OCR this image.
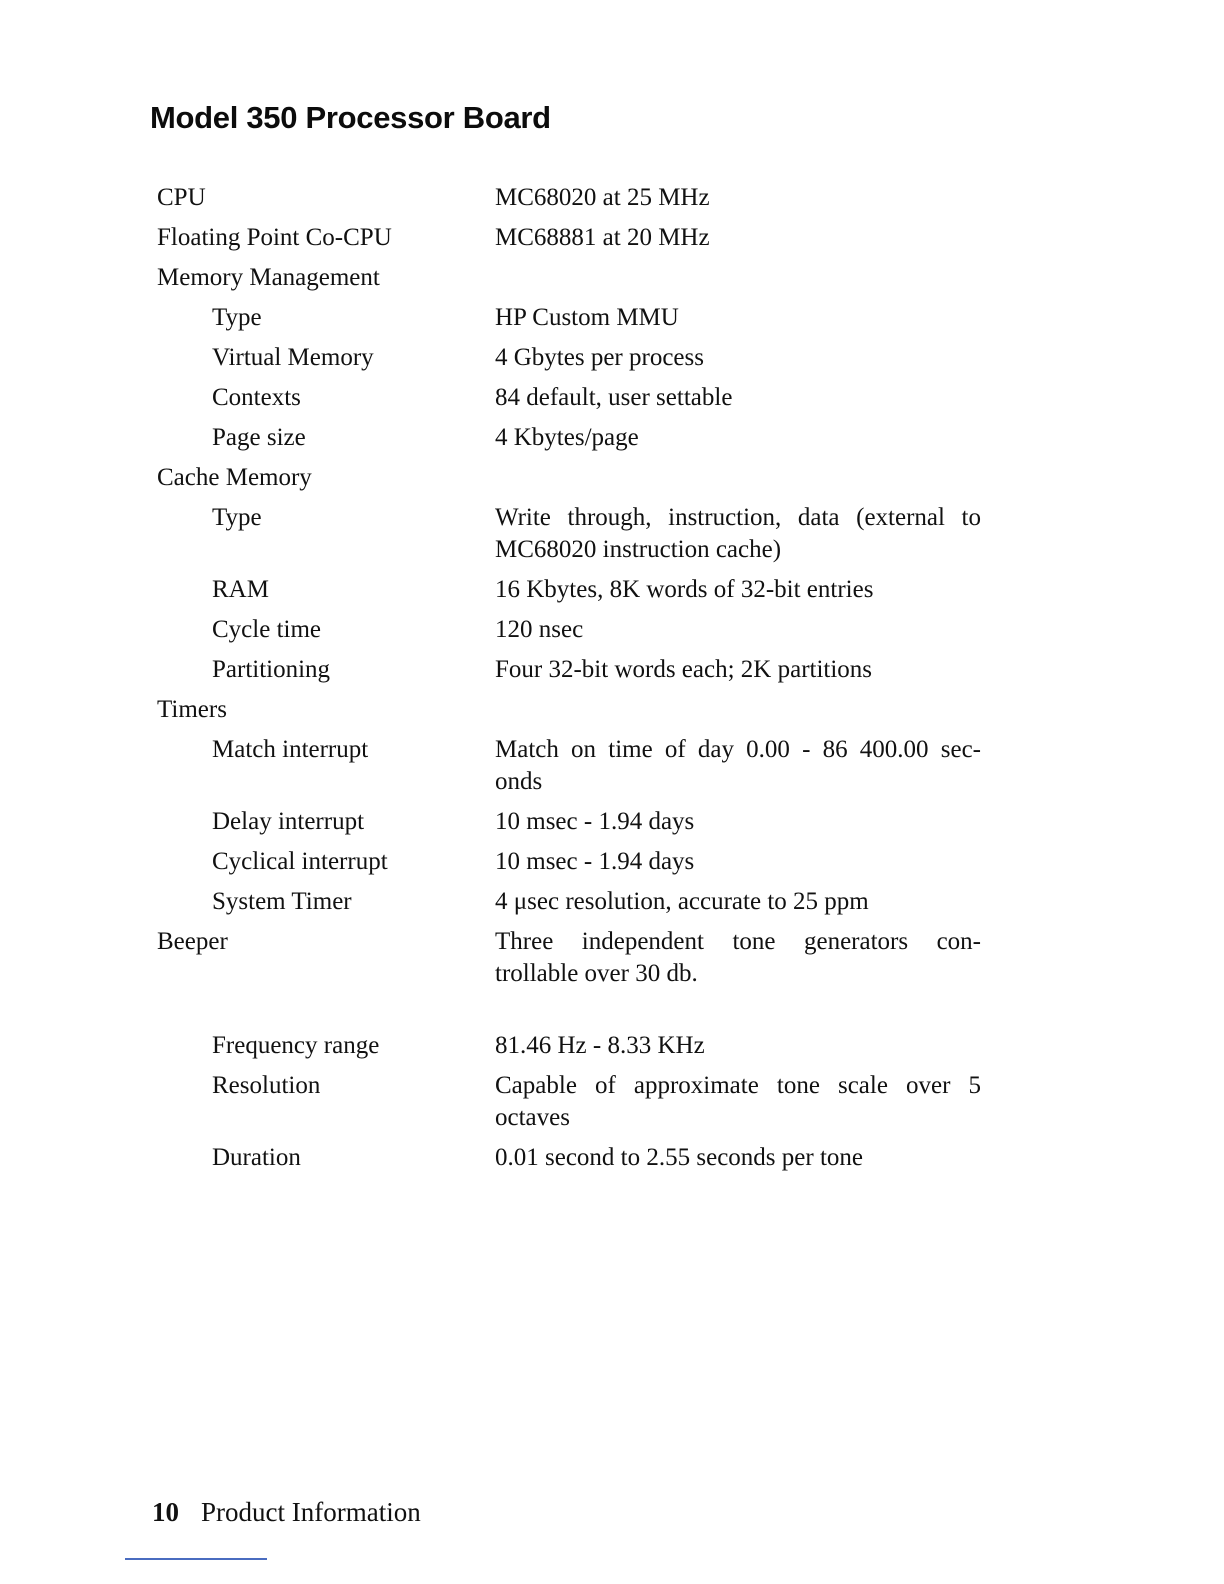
Model 350 Processor Board
CPU	MC68020 at 25 MHz
Floating Point Co-CPU	MC68881 at 20 MHz
Memory Management
Type	HP Custom MMU
Virtual Memory	4 Gbytes per process
Contexts	84 default, user settable
Page size	4 Kbytes/page
Cache Memory
Type	Write through, instruction, data (external to MC68020 instruction cache)
RAM	16 Kbytes, 8K words of 32-bit entries
Cycle time	120 nsec
Partitioning	Four 32-bit words each; 2K partitions
Timers
Match interrupt	Match on time of day 0.00 - 86 400.00 sec- onds
Delay interrupt	10 msec - 1.94 days
Cyclical interrupt	10 msec - 1.94 days
System Timer	4 μsec resolution, accurate to 25 ppm
Beeper	Three independent tone generators con- trollable over 30 db.
Frequency range	81.46 Hz - 8.33 KHz
Resolution	Capable of approximate tone scale over 5 octaves
Duration	0.01 second to 2.55 seconds per tone
10 Product Information
